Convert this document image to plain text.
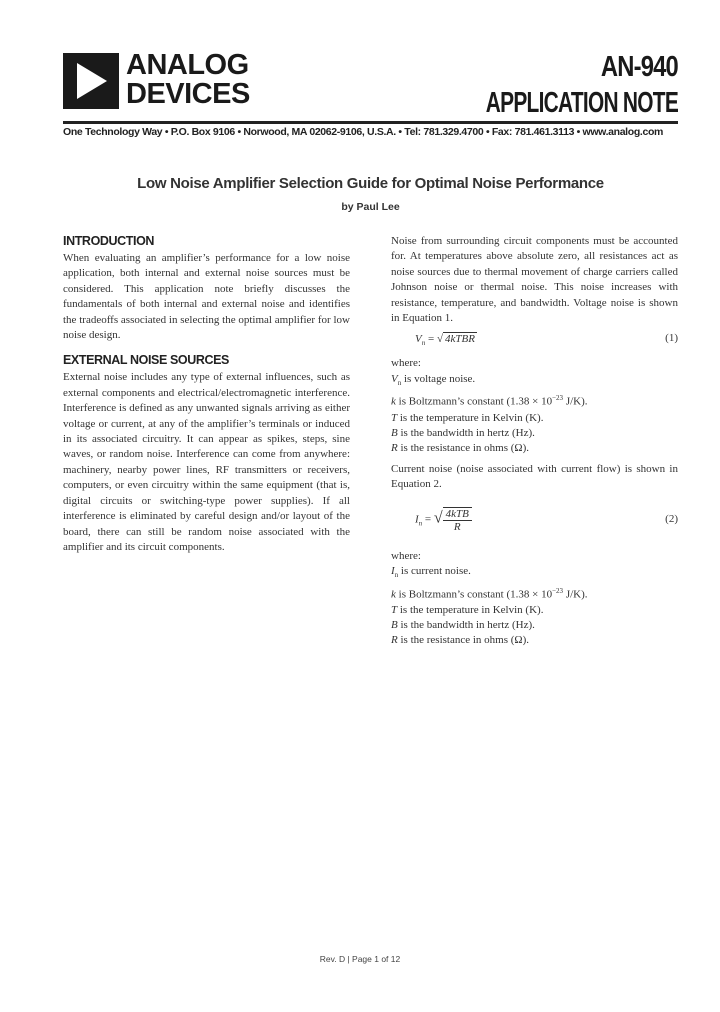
ANALOG
DEVICES
AN-940
APPLICATION NOTE
One Technology Way • P.O. Box 9106 • Norwood, MA 02062-9106, U.S.A. • Tel: 781.329.4700 • Fax: 781.461.3113 • www.analog.com
Low Noise Amplifier Selection Guide for Optimal Noise Performance
by Paul Lee
INTRODUCTION

When evaluating an amplifier’s performance for a low noise application, both internal and external noise sources must be considered. This application note briefly discusses the fundamentals of both internal and external noise and identifies the tradeoffs associated in selecting the optimal amplifier for low noise design.

EXTERNAL NOISE SOURCES

External noise includes any type of external influences, such as external components and electrical/electromagnetic interference. Interference is defined as any unwanted signals arriving as either voltage or current, at any of the amplifier’s terminals or induced in its associated circuitry. It can appear as spikes, steps, sine waves, or random noise. Interference can come from anywhere: machinery, nearby power lines, RF transmitters or receivers, computers, or even circuitry within the same equipment (that is, digital circuits or switching-type power supplies). If all interference is eliminated by careful design and/or layout of the board, there can still be random noise associated with the amplifier and its circuit components.

Noise from surrounding circuit components must be accounted for. At temperatures above absolute zero, all resistances act as noise sources due to thermal movement of charge carriers called Johnson noise or thermal noise. This noise increases with resistance, temperature, and bandwidth. Voltage noise is shown in Equation 1.

$V_n$ = √ 4kTBR	(1)
where:
$V_n$ is voltage noise.
k is Boltzmann’s constant ($1.38 \times 10^{-23}$ J/K).
T is the temperature in Kelvin (K).
B is the bandwidth in hertz (Hz).
R is the resistance in ohms (Ω).

Current noise (noise associated with current flow) is shown in Equation 2.

$I_n$ = √ $\frac{\text{4kTB}}{R}$	(2)
where:
$I_n$ is current noise.
k is Boltzmann’s constant ($1.38 \times 10^{-23}$ J/K).
T is the temperature in Kelvin (K).
B is the bandwidth in hertz (Hz).
R is the resistance in ohms (Ω).
Rev. D | Page 1 of 12
